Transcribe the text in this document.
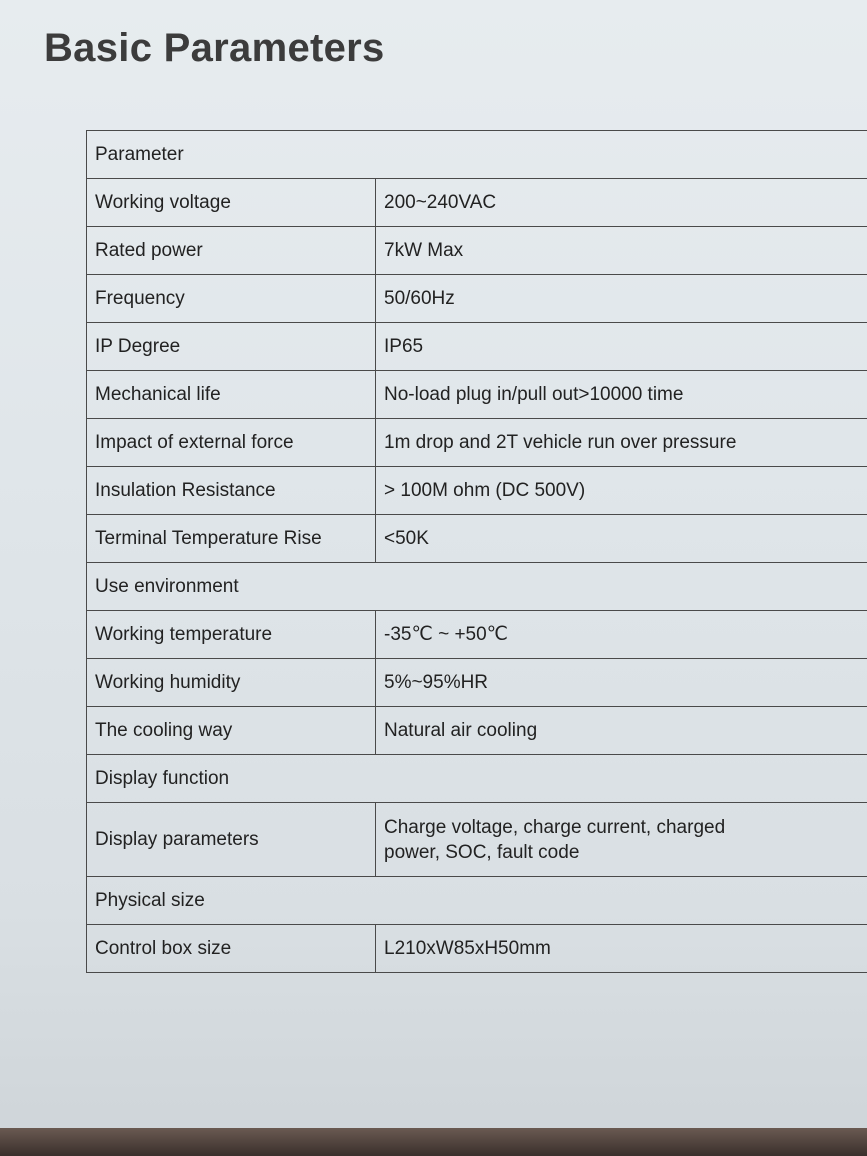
Basic Parameters
Parameter	
Working voltage	200~240VAC
Rated power	7kW Max
Frequency	50/60Hz
IP Degree	IP65
Mechanical life	No-load plug in/pull out>10000 time
Impact of external force	1m drop and 2T vehicle run over pressure
Insulation Resistance	> 100M ohm (DC 500V)
Terminal Temperature Rise	<50K
Use environment	
Working temperature	-35℃ ~ +50℃
Working humidity	5%~95%HR
The cooling way	Natural air cooling
Display function	
Display parameters	Charge voltage, charge current, charged power, SOC, fault code

Physical size	
Control box size	L210xW85xH50mm
